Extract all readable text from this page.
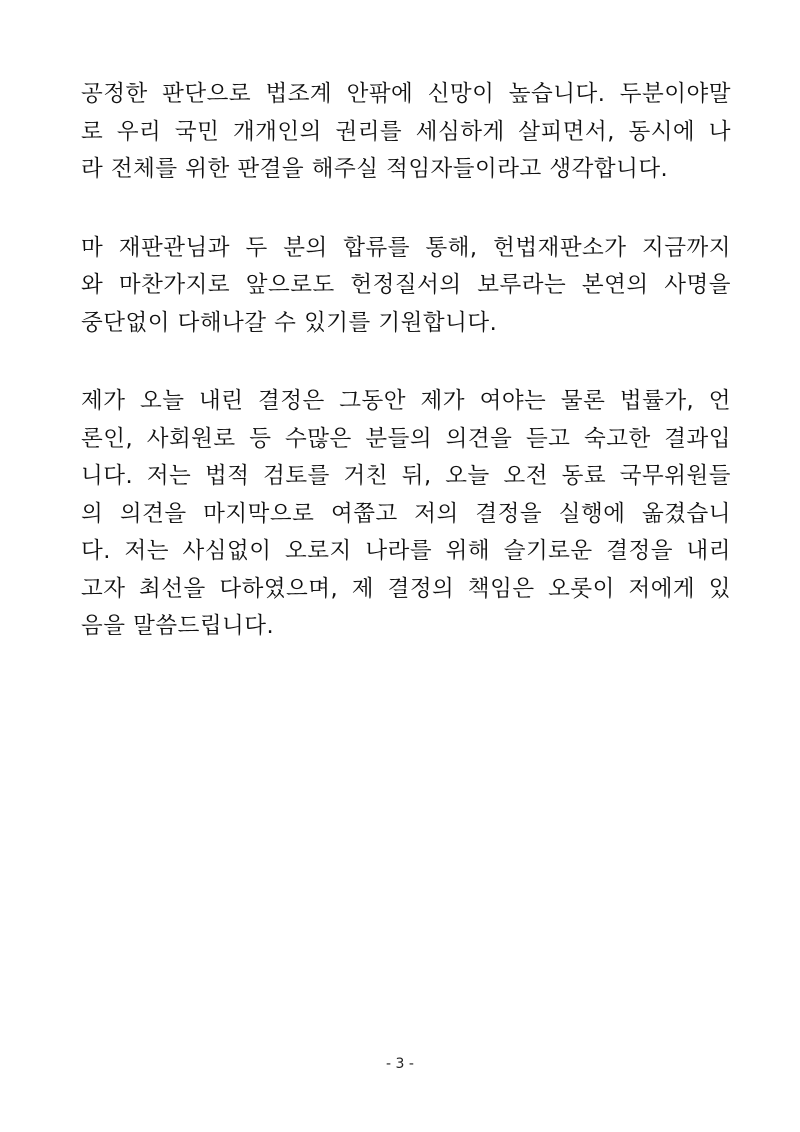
공정한 판단으로 법조계 안팎에 신망이 높습니다. 두분이야말
로 우리 국민 개개인의 권리를 세심하게 살피면서, 동시에 나
라 전체를 위한 판결을 해주실 적임자들이라고 생각합니다.

마 재판관님과 두 분의 합류를 통해, 헌법재판소가 지금까지
와 마찬가지로 앞으로도 헌정질서의 보루라는 본연의 사명을
중단없이 다해나갈 수 있기를 기원합니다.

제가 오늘 내린 결정은 그동안 제가 여야는 물론 법률가, 언
론인, 사회원로 등 수많은 분들의 의견을 듣고 숙고한 결과입
니다. 저는 법적 검토를 거친 뒤, 오늘 오전 동료 국무위원들
의 의견을 마지막으로 여쭙고 저의 결정을 실행에 옮겼습니
다. 저는 사심없이 오로지 나라를 위해 슬기로운 결정을 내리
고자 최선을 다하였으며, 제 결정의 책임은 오롯이 저에게 있
음을 말씀드립니다.

- 3 -
